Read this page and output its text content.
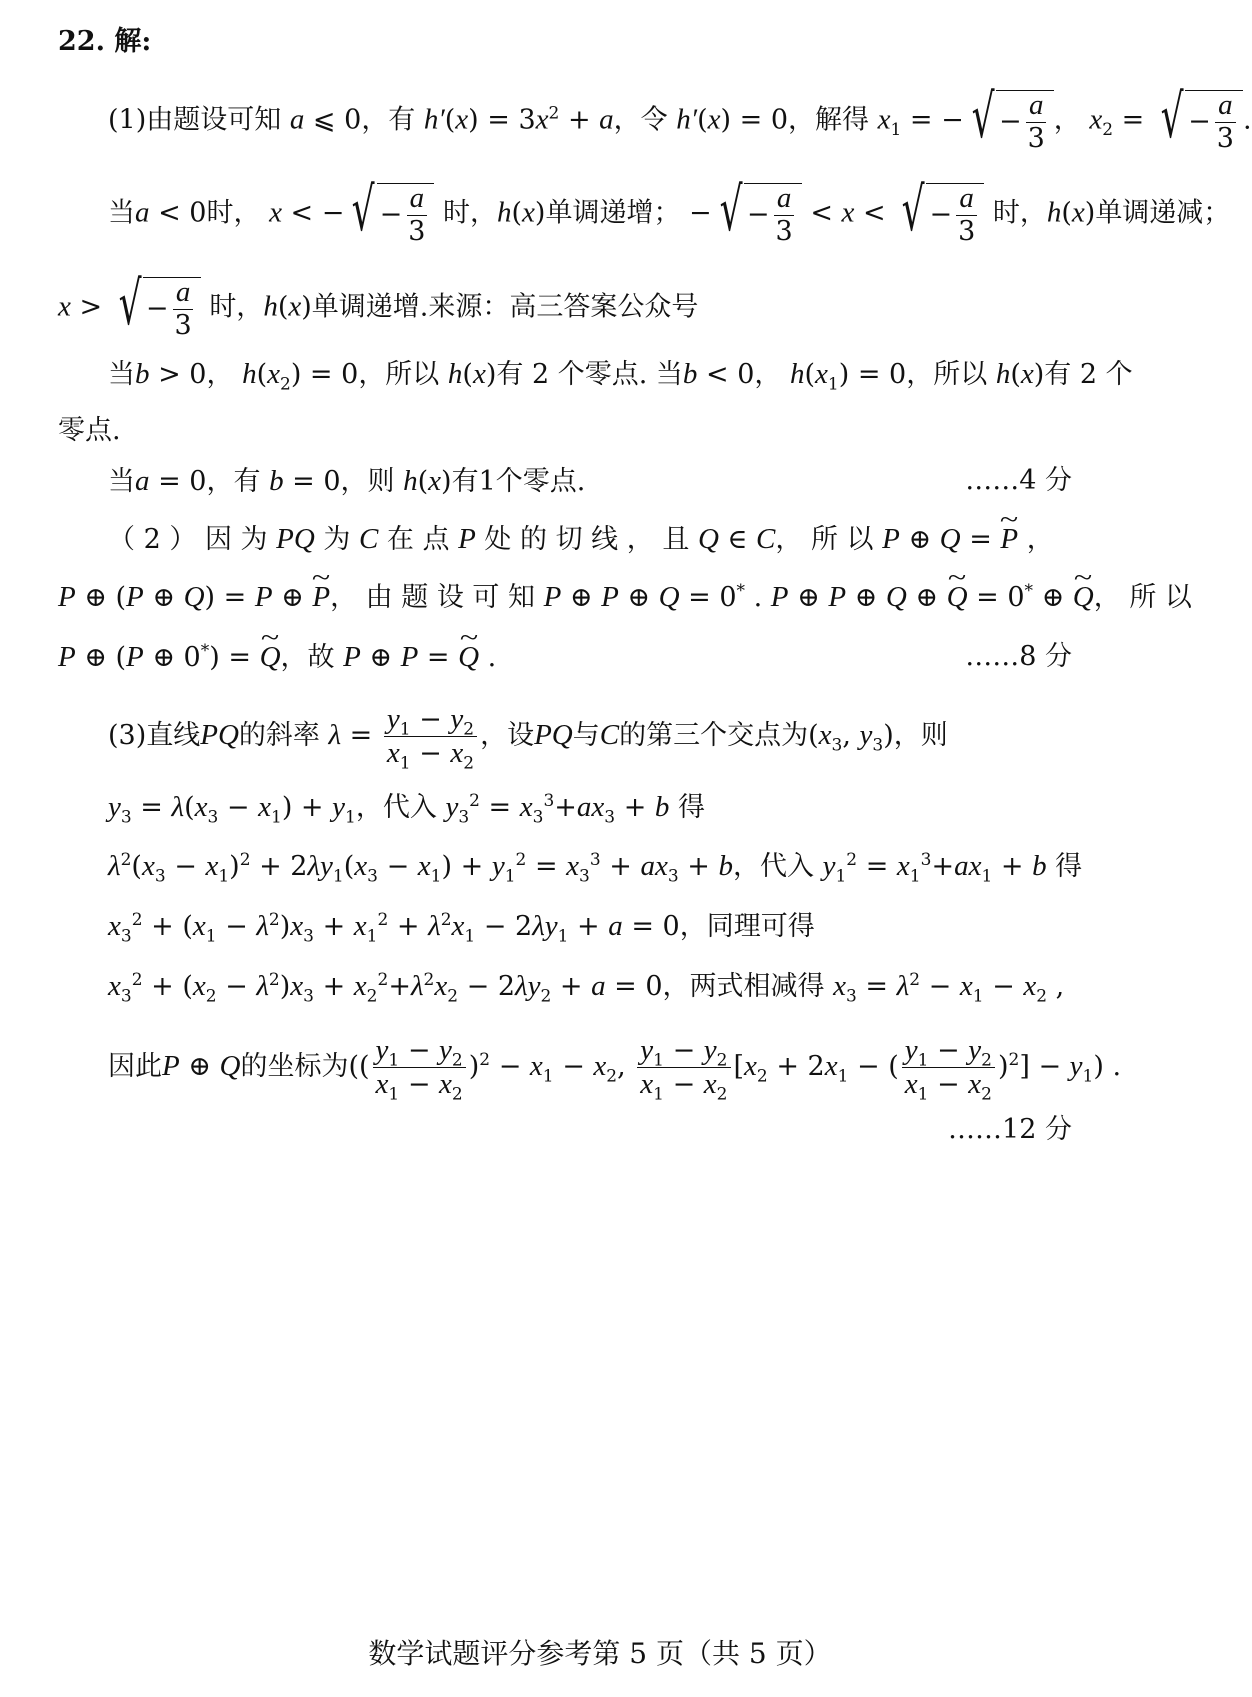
22. 解:
(1)由题设可知 a ⩽ 0，有 $h'(x) = 3x^2 + a$，令 h′(x) = 0，解得 $x_1$ = − √ − $\frac{a}{3}$ ， $x_2$ = √ − $\frac{a}{3}$ .
当a < 0时， x < − √ − $\frac{a}{3}$ 时，h(x)单调递增； − √ − $\frac{a}{3} < x$ < √ − $\frac{a}{3}$ 时，h(x)单调递减；
x > √ − $\frac{a}{3}$ 时，h(x)单调递增.来源：高三答案公众号
当b > 0， $h(x_2) = 0$，所以 h(x)有 2 个零点. 当b < 0， $h(x_1) = 0$，所以 h(x)有 2 个
零点.
当a = 0，有 b = 0，则 h(x)有1个零点.	……4 分
（ 2 ） 因 为 PQ 为 C 在 点 P 处 的 切 线 ， 且 Q ∈ C， 所 以 P ⊕ Q = ~ P ，
P ⊕ (P ⊕ Q) = P ⊕ ~ P， 由 题 设 可 知 P ⊕ P ⊕ Q = 0* . P ⊕ P ⊕ Q ⊕ ~ Q = 0* ⊕ ~ Q， 所 以
P ⊕ (P ⊕ 0*) = ~ Q，故 P ⊕ P = ~ Q .	……8 分
(3)直线PQ的斜率 $\lambda = \frac{y_1 - y_2}{x_1 - x_2}$ ，设PQ与C的第三个交点为($x_3$, $y_3$)，则
$y_3 = \lambda(x_3 - x_1) + y_1$，代入 $y_3^2 = x_3^3+ax_3 + b$ 得
$\lambda^2(x_3 - x_1)^2 + 2\lambda y_1(x_3 - x_1) + y_1^2 = x_3^3 + ax_3 + b$，代入 $y_1^2 = x_1^3+ax_1 + b$ 得
$x_3^2 + (x_1 - \lambda^2)x_3 + x_1^2 + \lambda^2x_1 - 2\lambda y_1 + a = 0$，同理可得
$x_3^2 + (x_2 - \lambda^2)x_3 + x_2^2+\lambda^2x_2 - 2\lambda y_2 + a = 0$，两式相减得 $x_3 = \lambda^2 - x_1 - x_2$ ,
因此P ⊕ Q的坐标为(( $\frac{y_1 - y_2}{x_1 - x_2} )^2 - x_1 - x_2$, $\frac{y_1 - y_2}{x_1 - x_2} [x_2 + 2x_1$ − ( $\frac{y_1 - y_2}{x_1 - x_2} )^2] - y_1$) .
……12 分
数学试题评分参考第 5 页（共 5 页）
